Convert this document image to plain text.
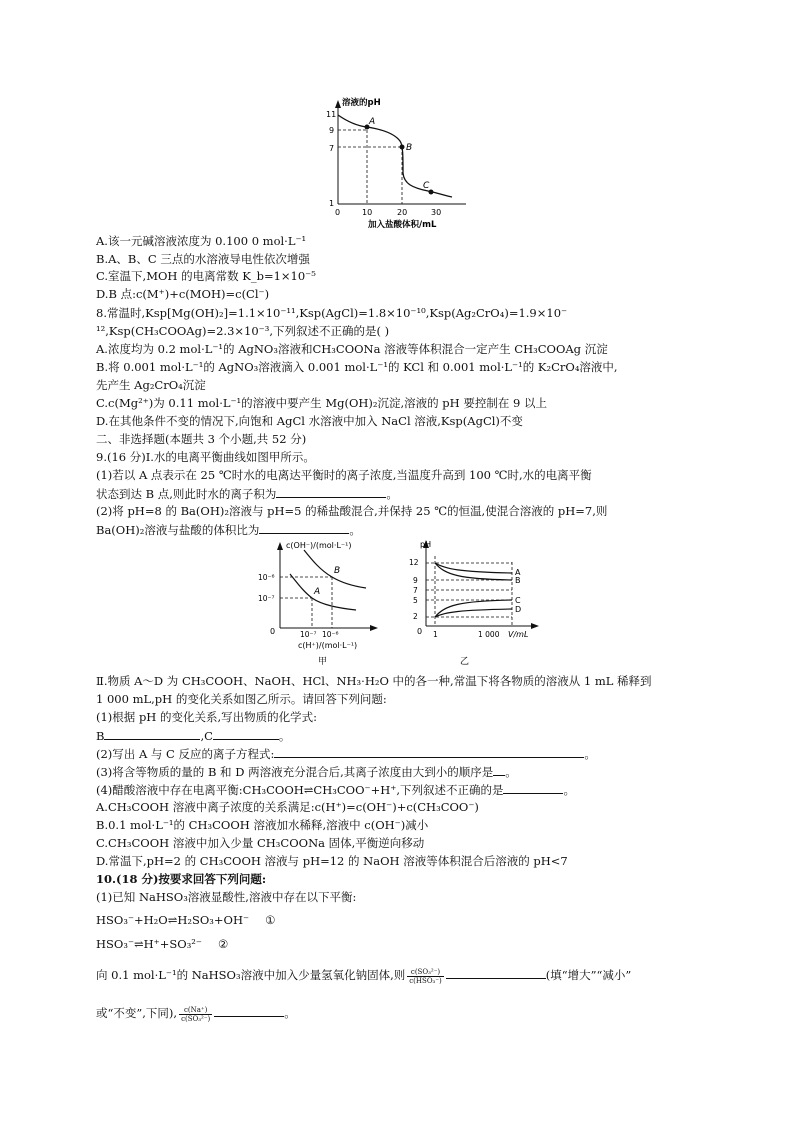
溶液的pH
11
9
7
1
0	10	20	30
加入盐酸体积/mL
A
B
C
A.该一元碱溶液浓度为 0.100 0 mol·L⁻¹
B.A、B、C 三点的水溶液导电性依次增强
C.室温下,MOH 的电离常数 K_b=1×10⁻⁵
D.B 点:c(M⁺)+c(MOH)=c(Cl⁻)
8.常温时,Ksp[Mg(OH)₂]=1.1×10⁻¹¹,Ksp(AgCl)=1.8×10⁻¹⁰,Ksp(Ag₂CrO₄)=1.9×10⁻
¹²,Ksp(CH₃COOAg)=2.3×10⁻³,下列叙述不正确的是( )
A.浓度均为 0.2 mol·L⁻¹的 AgNO₃溶液和CH₃COONa 溶液等体积混合一定产生 CH₃COOAg 沉淀
B.将 0.001 mol·L⁻¹的 AgNO₃溶液滴入 0.001 mol·L⁻¹的 KCl 和 0.001 mol·L⁻¹的 K₂CrO₄溶液中,
先产生 Ag₂CrO₄沉淀
C.c(Mg²⁺)为 0.11 mol·L⁻¹的溶液中要产生 Mg(OH)₂沉淀,溶液的 pH 要控制在 9 以上
D.在其他条件不变的情况下,向饱和 AgCl 水溶液中加入 NaCl 溶液,Ksp(AgCl)不变
二、非选择题(本题共 3 个小题,共 52 分)
9.(16 分)Ⅰ.水的电离平衡曲线如图甲所示。
(1)若以 A 点表示在 25 ℃时水的电离达平衡时的离子浓度,当温度升高到 100 ℃时,水的电离平衡
状态到达 B 点,则此时水的离子积为	。
(2)将 pH=8 的 Ba(OH)₂溶液与 pH=5 的稀盐酸混合,并保持 25 ℃的恒温,使混合溶液的 pH=7,则
Ba(OH)₂溶液与盐酸的体积比为	。
c(OH⁻)/(mol·L⁻¹)
10⁻⁶
10⁻⁷
0	10⁻⁷ 10⁻⁶
c(H⁺)/(mol·L⁻¹)
甲
B
A
pH
12
9
7
5
2
0 1	1 000 V/mL
乙
A
B
C
D
Ⅱ.物质 A～D 为 CH₃COOH、NaOH、HCl、NH₃·H₂O 中的各一种,常温下将各物质的溶液从 1 mL 稀释到
1 000 mL,pH 的变化关系如图乙所示。请回答下列问题:
(1)根据 pH 的变化关系,写出物质的化学式:
B	,C	。
(2)写出 A 与 C 反应的离子方程式:	。
(3)将含等物质的量的 B 和 D 两溶液充分混合后,其离子浓度由大到小的顺序是 。
(4)醋酸溶液中存在电离平衡:CH₃COOH⇌CH₃COO⁻+H⁺,下列叙述不正确的是	。
A.CH₃COOH 溶液中离子浓度的关系满足:c(H⁺)=c(OH⁻)+c(CH₃COO⁻)
B.0.1 mol·L⁻¹的 CH₃COOH 溶液加水稀释,溶液中 c(OH⁻)减小
C.CH₃COOH 溶液中加入少量 CH₃COONa 固体,平衡逆向移动
D.常温下,pH=2 的 CH₃COOH 溶液与 pH=12 的 NaOH 溶液等体积混合后溶液的 pH<7
10.(18 分)按要求回答下列问题:
(1)已知 NaHSO₃溶液显酸性,溶液中存在以下平衡:
HSO₃⁻+H₂O⇌H₂SO₃+OH⁻ ①
HSO₃⁻⇌H⁺+SO₃²⁻ ②
向 0.1 mol·L⁻¹的 NaHSO₃溶液中加入少量氢氧化钠固体,则 $\frac{\text{c(SO₃²⁻)}}{\text{c(HSO₃⁻)}}$	(填“增大”“减小”
或“不变”,下同), $\frac{c(Na^+)}{\text{c(SO₃²⁻)}}$	。
